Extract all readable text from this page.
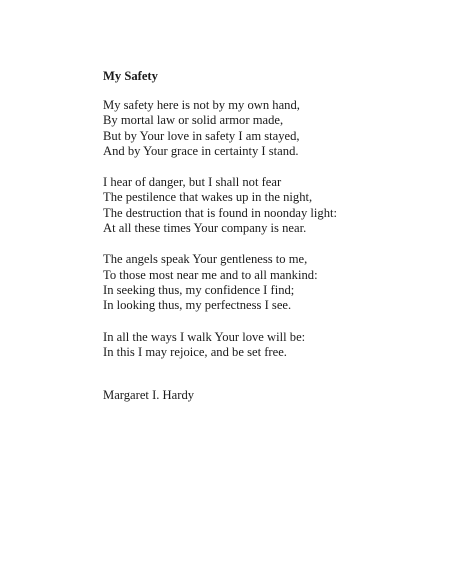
My Safety
My safety here is not by my own hand,
By mortal law or solid armor made,
But by Your love in safety I am stayed,
And by Your grace in certainty I stand.
I hear of danger, but I shall not fear
The pestilence that wakes up in the night,
The destruction that is found in noonday light:
At all these times Your company is near.
The angels speak Your gentleness to me,
To those most near me and to all mankind:
In seeking thus, my confidence I find;
In looking thus, my perfectness I see.
In all the ways I walk Your love will be:
In this I may rejoice, and be set free.
Margaret I. Hardy
